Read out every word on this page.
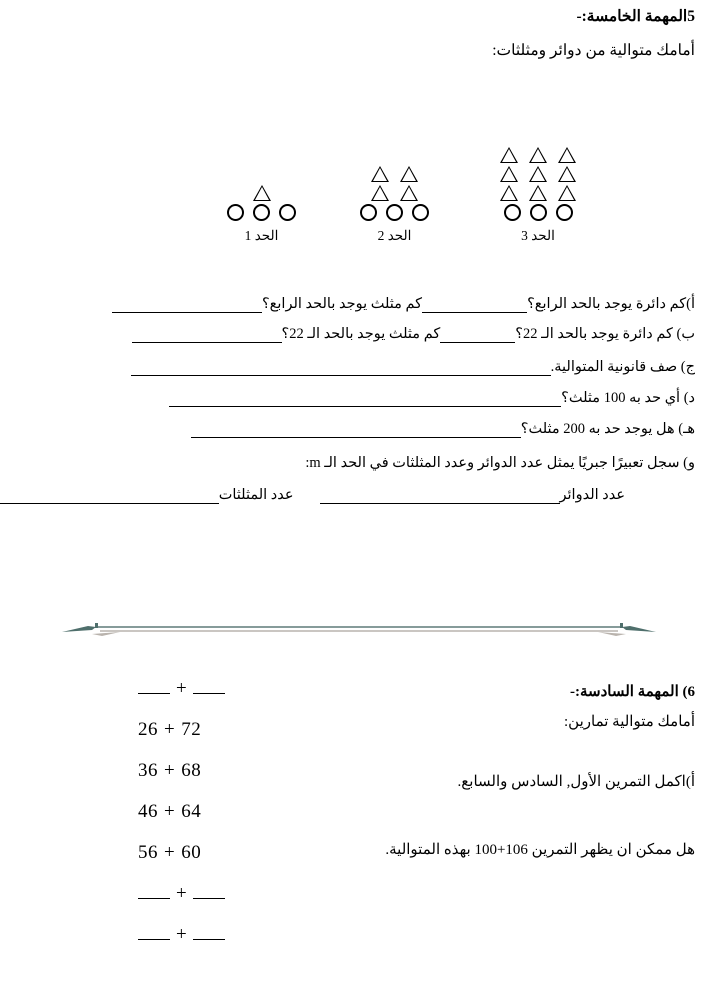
5المهمة الخامسة:-
أمامك متوالية من دوائر ومثلثات:
الحد 1	الحد 2	الحد 3
أ)كم دائرة يوجد بالحد الرابع؟كم مثلث يوجد بالحد الرابع؟
ب) كم دائرة يوجد بالحد الـ 22؟كم مثلث يوجد بالحد الـ 22؟
ج) صف قانونية المتوالية.
د) أي حد به 100 مثلث؟
هـ) هل يوجد حد به 200 مثلث؟
و) سجل تعبيرًا جبريًا يمثل عدد الدوائر وعدد المثلثات في الحد الـ m:
عدد الدوائرعدد المثلثات
6) المهمة السادسة:-
أمامك متوالية تمارين:
أ)اكمل التمرين الأول, السادس والسابع.
هل ممكن ان يظهر التمرين 106+100 بهذه المتوالية.
+
26 + 72
36 + 68
46 + 64
56 + 60
+
+
